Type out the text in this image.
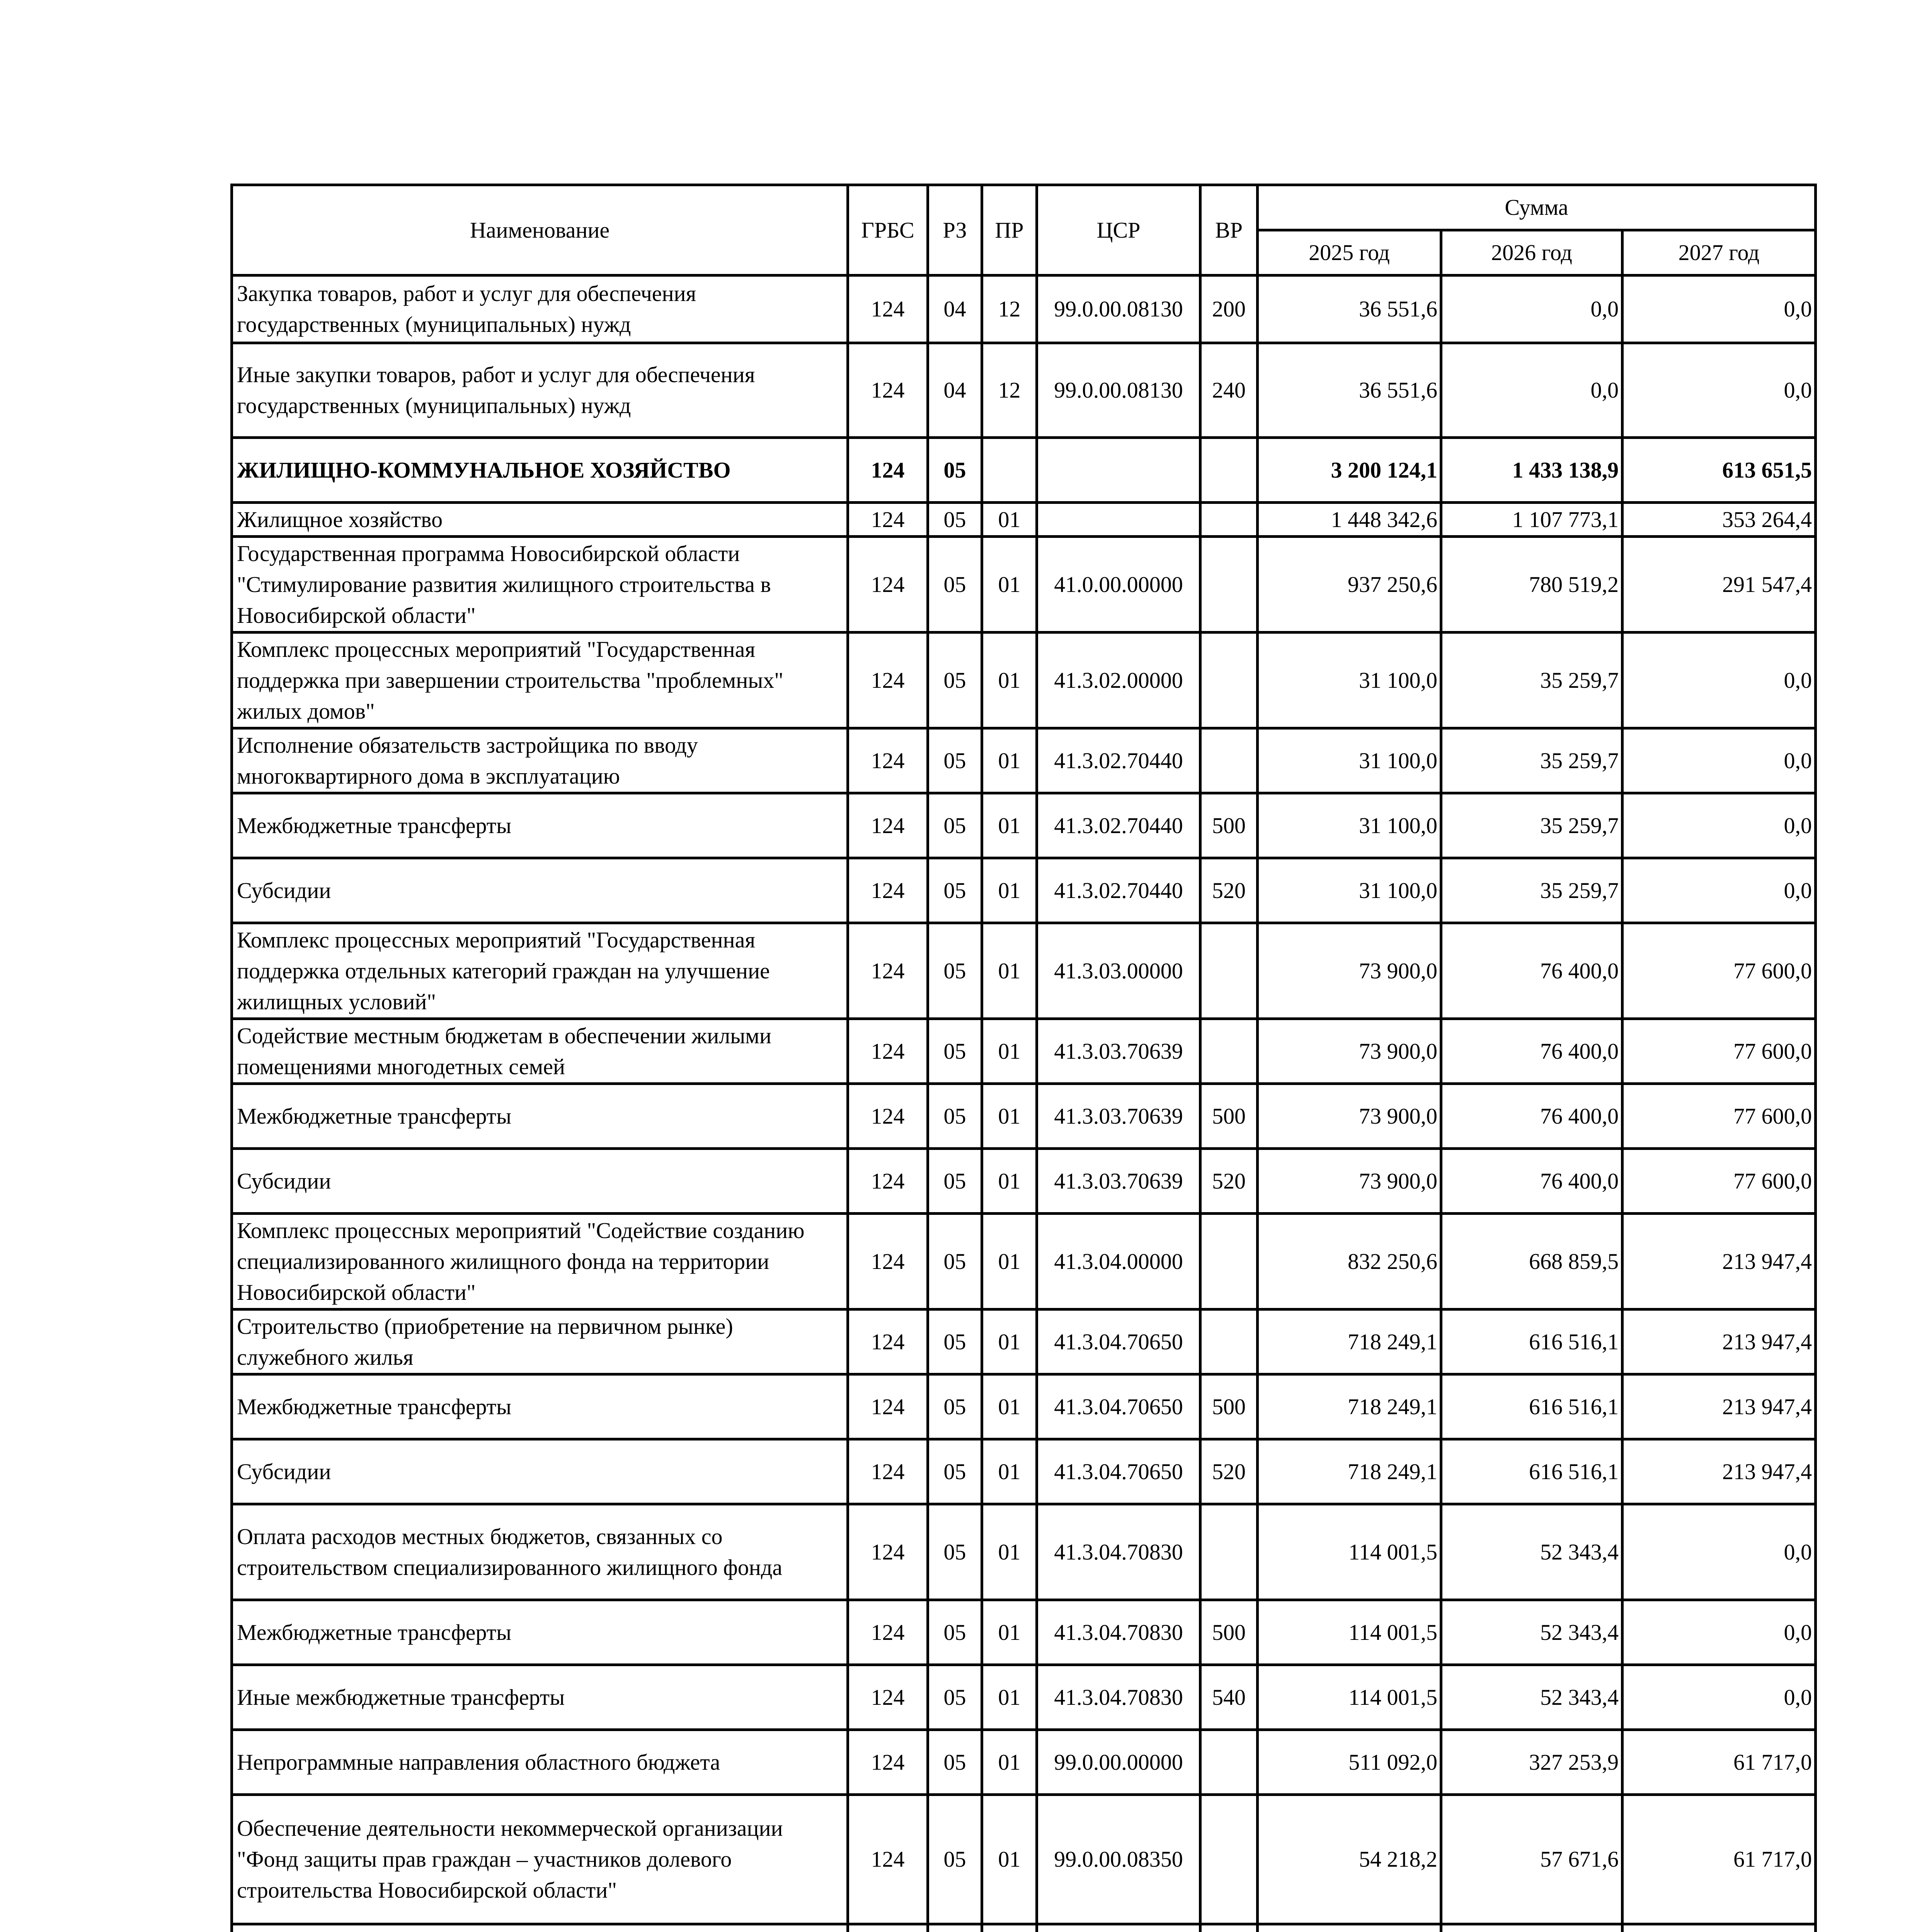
Наименование	ГРБС	РЗ	ПР	ЦСР	ВР	Сумма		
						2025 год	2026 год	2027 год
Закупка товаров, работ и услуг для обеспечения государственных (муниципальных) нужд	124	04	12	99.0.00.08130	200	36 551,6	0,0	0,0
Иные закупки товаров, работ и услуг для обеспечения государственных (муниципальных) нужд	124	04	12	99.0.00.08130	240	36 551,6	0,0	0,0
ЖИЛИЩНО-КОММУНАЛЬНОЕ ХОЗЯЙСТВО	124	05				3 200 124,1	1 433 138,9	613 651,5
Жилищное хозяйство	124	05	01			1 448 342,6	1 107 773,1	353 264,4
Государственная программа Новосибирской области "Стимулирование развития жилищного строительства в Новосибирской области"	124	05	01	41.0.00.00000		937 250,6	780 519,2	291 547,4
Комплекс процессных мероприятий "Государственная поддержка при завершении строительства "проблемных" жилых домов"	124	05	01	41.3.02.00000		31 100,0	35 259,7	0,0
Исполнение обязательств застройщика по вводу многоквартирного дома в эксплуатацию	124	05	01	41.3.02.70440		31 100,0	35 259,7	0,0
Межбюджетные трансферты	124	05	01	41.3.02.70440	500	31 100,0	35 259,7	0,0
Субсидии	124	05	01	41.3.02.70440	520	31 100,0	35 259,7	0,0
Комплекс процессных мероприятий "Государственная поддержка отдельных категорий граждан на улучшение жилищных условий"	124	05	01	41.3.03.00000		73 900,0	76 400,0	77 600,0
Содействие местным бюджетам в обеспечении жилыми помещениями многодетных семей	124	05	01	41.3.03.70639		73 900,0	76 400,0	77 600,0
Межбюджетные трансферты	124	05	01	41.3.03.70639	500	73 900,0	76 400,0	77 600,0
Субсидии	124	05	01	41.3.03.70639	520	73 900,0	76 400,0	77 600,0
Комплекс процессных мероприятий "Содействие созданию специализированного жилищного фонда на территории Новосибирской области"	124	05	01	41.3.04.00000		832 250,6	668 859,5	213 947,4
Строительство (приобретение на первичном рынке) служебного жилья	124	05	01	41.3.04.70650		718 249,1	616 516,1	213 947,4
Межбюджетные трансферты	124	05	01	41.3.04.70650	500	718 249,1	616 516,1	213 947,4
Субсидии	124	05	01	41.3.04.70650	520	718 249,1	616 516,1	213 947,4
Оплата расходов местных бюджетов, связанных со строительством специализированного жилищного фонда	124	05	01	41.3.04.70830		114 001,5	52 343,4	0,0
Межбюджетные трансферты	124	05	01	41.3.04.70830	500	114 001,5	52 343,4	0,0
Иные межбюджетные трансферты	124	05	01	41.3.04.70830	540	114 001,5	52 343,4	0,0
Непрограммные направления областного бюджета	124	05	01	99.0.00.00000		511 092,0	327 253,9	61 717,0
Обеспечение деятельности некоммерческой организации "Фонд защиты прав граждан – участников долевого строительства Новосибирской области"	124	05	01	99.0.00.08350		54 218,2	57 671,6	61 717,0
